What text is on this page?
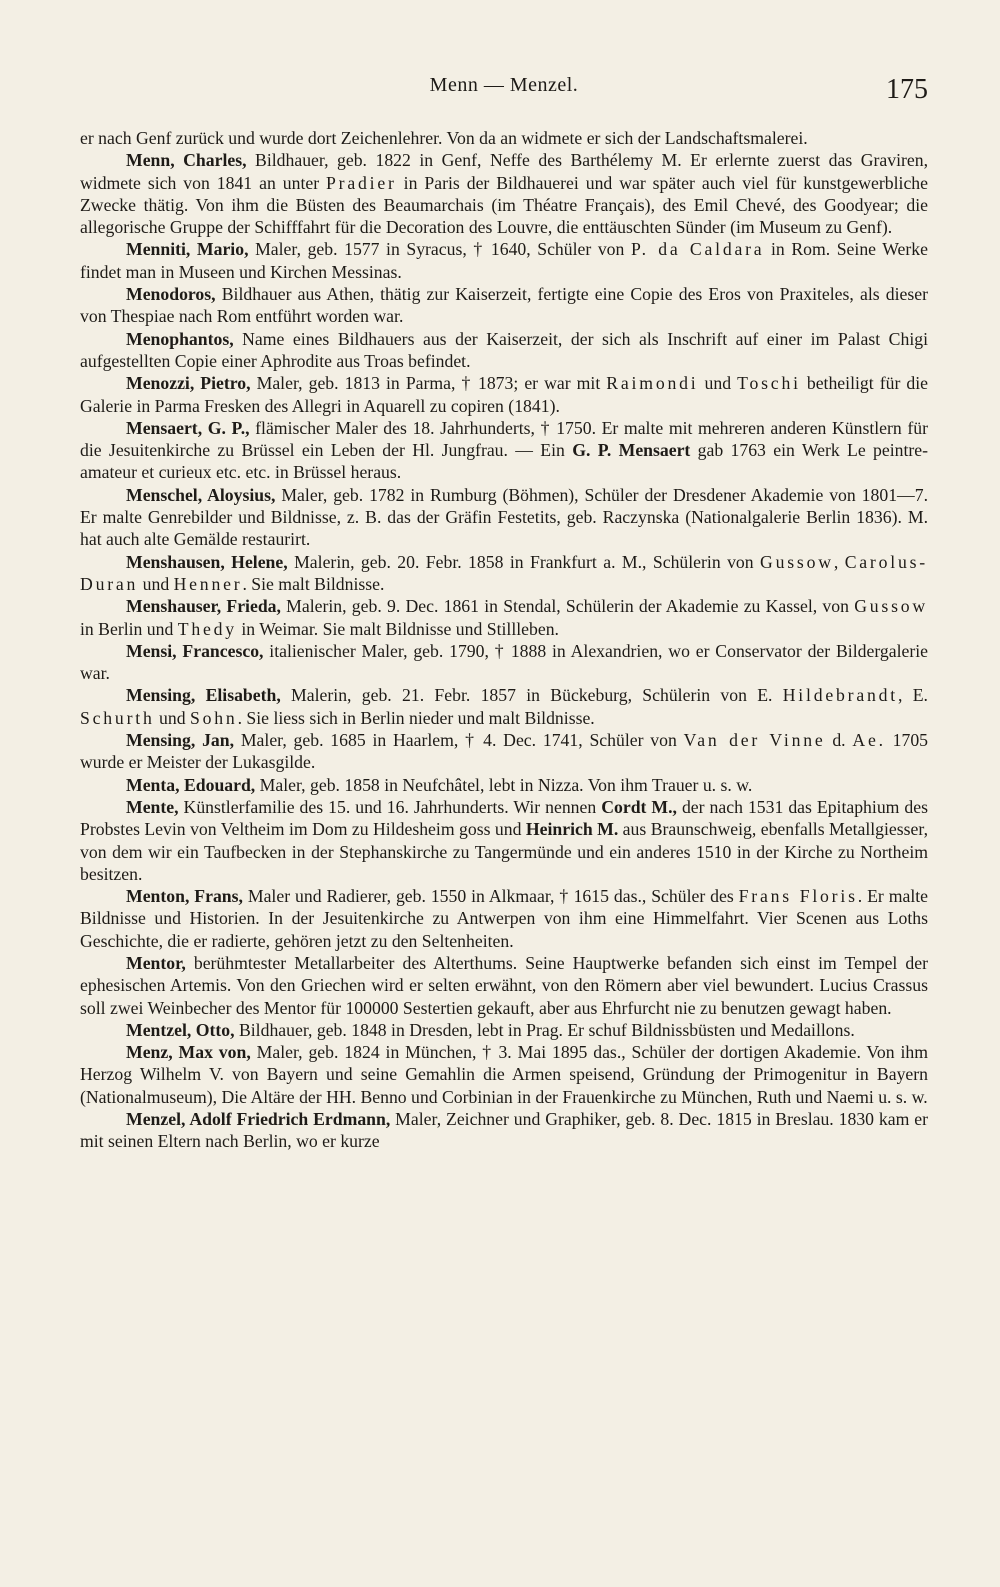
Menn — Menzel.	175

er nach Genf zurück und wurde dort Zeichenlehrer. Von da an widmete er sich der Landschaftsmalerei.

Menn, Charles, Bildhauer, geb. 1822 in Genf, Neffe des Barthélemy M. Er erlernte zuerst das Graviren, widmete sich von 1841 an unter Pradier in Paris der Bildhauerei und war später auch viel für kunstgewerbliche Zwecke thätig. Von ihm die Büsten des Beaumarchais (im Théatre Français), des Emil Chevé, des Goodyear; die allegorische Gruppe der Schifffahrt für die Decoration des Louvre, die enttäuschten Sünder (im Museum zu Genf).

Menniti, Mario, Maler, geb. 1577 in Syracus, † 1640, Schüler von P. da Caldara in Rom. Seine Werke findet man in Museen und Kirchen Messinas.

Menodoros, Bildhauer aus Athen, thätig zur Kaiserzeit, fertigte eine Copie des Eros von Praxiteles, als dieser von Thespiae nach Rom entführt worden war.

Menophantos, Name eines Bildhauers aus der Kaiserzeit, der sich als Inschrift auf einer im Palast Chigi aufgestellten Copie einer Aphrodite aus Troas befindet.

Menozzi, Pietro, Maler, geb. 1813 in Parma, † 1873; er war mit Raimondi und Toschi betheiligt für die Galerie in Parma Fresken des Allegri in Aquarell zu copiren (1841).

Mensaert, G. P., flämischer Maler des 18. Jahrhunderts, † 1750. Er malte mit mehreren anderen Künstlern für die Jesuitenkirche zu Brüssel ein Leben der Hl. Jungfrau. — Ein G. P. Mensaert gab 1763 ein Werk Le peintre-amateur et curieux etc. etc. in Brüssel heraus.

Menschel, Aloysius, Maler, geb. 1782 in Rumburg (Böhmen), Schüler der Dresdener Akademie von 1801—7. Er malte Genrebilder und Bildnisse, z. B. das der Gräfin Festetits, geb. Raczynska (Nationalgalerie Berlin 1836). M. hat auch alte Gemälde restaurirt.

Menshausen, Helene, Malerin, geb. 20. Febr. 1858 in Frankfurt a. M., Schülerin von Gussow, Carolus-Duran und Henner. Sie malt Bildnisse.

Menshauser, Frieda, Malerin, geb. 9. Dec. 1861 in Stendal, Schülerin der Akademie zu Kassel, von Gussow in Berlin und Thedy in Weimar. Sie malt Bildnisse und Stillleben.

Mensi, Francesco, italienischer Maler, geb. 1790, † 1888 in Alexandrien, wo er Conservator der Bildergalerie war.

Mensing, Elisabeth, Malerin, geb. 21. Febr. 1857 in Bückeburg, Schülerin von E. Hildebrandt, E. Schurth und Sohn. Sie liess sich in Berlin nieder und malt Bildnisse.

Mensing, Jan, Maler, geb. 1685 in Haarlem, † 4. Dec. 1741, Schüler von Van der Vinne d. Ae. 1705 wurde er Meister der Lukasgilde.

Menta, Edouard, Maler, geb. 1858 in Neufchâtel, lebt in Nizza. Von ihm Trauer u. s. w.

Mente, Künstlerfamilie des 15. und 16. Jahrhunderts. Wir nennen Cordt M., der nach 1531 das Epitaphium des Probstes Levin von Veltheim im Dom zu Hildesheim goss und Heinrich M. aus Braunschweig, ebenfalls Metallgiesser, von dem wir ein Taufbecken in der Stephanskirche zu Tangermünde und ein anderes 1510 in der Kirche zu Northeim besitzen.

Menton, Frans, Maler und Radierer, geb. 1550 in Alkmaar, † 1615 das., Schüler des Frans Floris. Er malte Bildnisse und Historien. In der Jesuitenkirche zu Antwerpen von ihm eine Himmelfahrt. Vier Scenen aus Loths Geschichte, die er radierte, gehören jetzt zu den Seltenheiten.

Mentor, berühmtester Metallarbeiter des Alterthums. Seine Hauptwerke befanden sich einst im Tempel der ephesischen Artemis. Von den Griechen wird er selten erwähnt, von den Römern aber viel bewundert. Lucius Crassus soll zwei Weinbecher des Mentor für 100000 Sestertien gekauft, aber aus Ehrfurcht nie zu benutzen gewagt haben.

Mentzel, Otto, Bildhauer, geb. 1848 in Dresden, lebt in Prag. Er schuf Bildnissbüsten und Medaillons.

Menz, Max von, Maler, geb. 1824 in München, † 3. Mai 1895 das., Schüler der dortigen Akademie. Von ihm Herzog Wilhelm V. von Bayern und seine Gemahlin die Armen speisend, Gründung der Primogenitur in Bayern (Nationalmuseum), Die Altäre der HH. Benno und Corbinian in der Frauenkirche zu München, Ruth und Naemi u. s. w.

Menzel, Adolf Friedrich Erdmann, Maler, Zeichner und Graphiker, geb. 8. Dec. 1815 in Breslau. 1830 kam er mit seinen Eltern nach Berlin, wo er kurze
